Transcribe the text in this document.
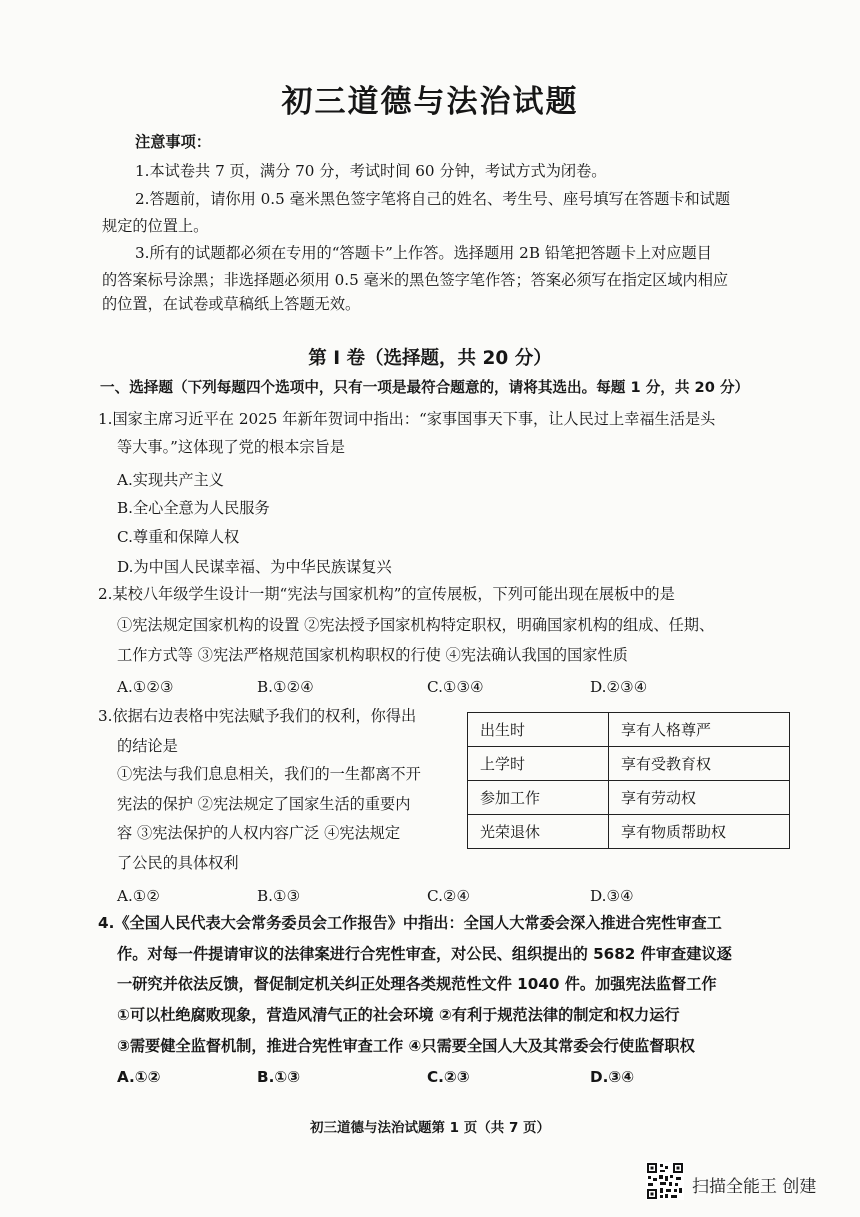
初三道德与法治试题
注意事项：
1.本试卷共 7 页，满分 70 分，考试时间 60 分钟，考试方式为闭卷。
2.答题前，请你用 0.5 毫米黑色签字笔将自己的姓名、考生号、座号填写在答题卡和试题
规定的位置上。
3.所有的试题都必须在专用的“答题卡”上作答。选择题用 2B 铅笔把答题卡上对应题目
的答案标号涂黑；非选择题必须用 0.5 毫米的黑色签字笔作答；答案必须写在指定区域内相应
的位置，在试卷或草稿纸上答题无效。
第 Ⅰ 卷（选择题，共 20 分）
一、选择题（下列每题四个选项中，只有一项是最符合题意的，请将其选出。每题 1 分，共 20 分）
1.国家主席习近平在 2025 年新年贺词中指出：“家事国事天下事，让人民过上幸福生活是头
等大事。”这体现了党的根本宗旨是
A.实现共产主义
B.全心全意为人民服务
C.尊重和保障人权
D.为中国人民谋幸福、为中华民族谋复兴
2.某校八年级学生设计一期“宪法与国家机构”的宣传展板，下列可能出现在展板中的是
①宪法规定国家机构的设置 ②宪法授予国家机构特定职权，明确国家机构的组成、任期、
工作方式等 ③宪法严格规范国家机构职权的行使 ④宪法确认我国的国家性质
A.①②③	B.①②④	C.①③④	D.②③④
3.依据右边表格中宪法赋予我们的权利，你得出
的结论是
①宪法与我们息息相关，我们的一生都离不开
宪法的保护 ②宪法规定了国家生活的重要内
容 ③宪法保护的人权内容广泛 ④宪法规定
了公民的具体权利
出生时	享有人格尊严
上学时	享有受教育权
参加工作	享有劳动权
光荣退休	享有物质帮助权
A.①②	B.①③	C.②④	D.③④
4.《全国人民代表大会常务委员会工作报告》中指出：全国人大常委会深入推进合宪性审查工
作。对每一件提请审议的法律案进行合宪性审查，对公民、组织提出的 5682 件审查建议逐
一研究并依法反馈，督促制定机关纠正处理各类规范性文件 1040 件。加强宪法监督工作
①可以杜绝腐败现象，营造风清气正的社会环境 ②有利于规范法律的制定和权力运行
③需要健全监督机制，推进合宪性审查工作 ④只需要全国人大及其常委会行使监督职权
A.①②	B.①③	C.②③	D.③④
初三道德与法治试题第 1 页（共 7 页）
扫描全能王 创建
